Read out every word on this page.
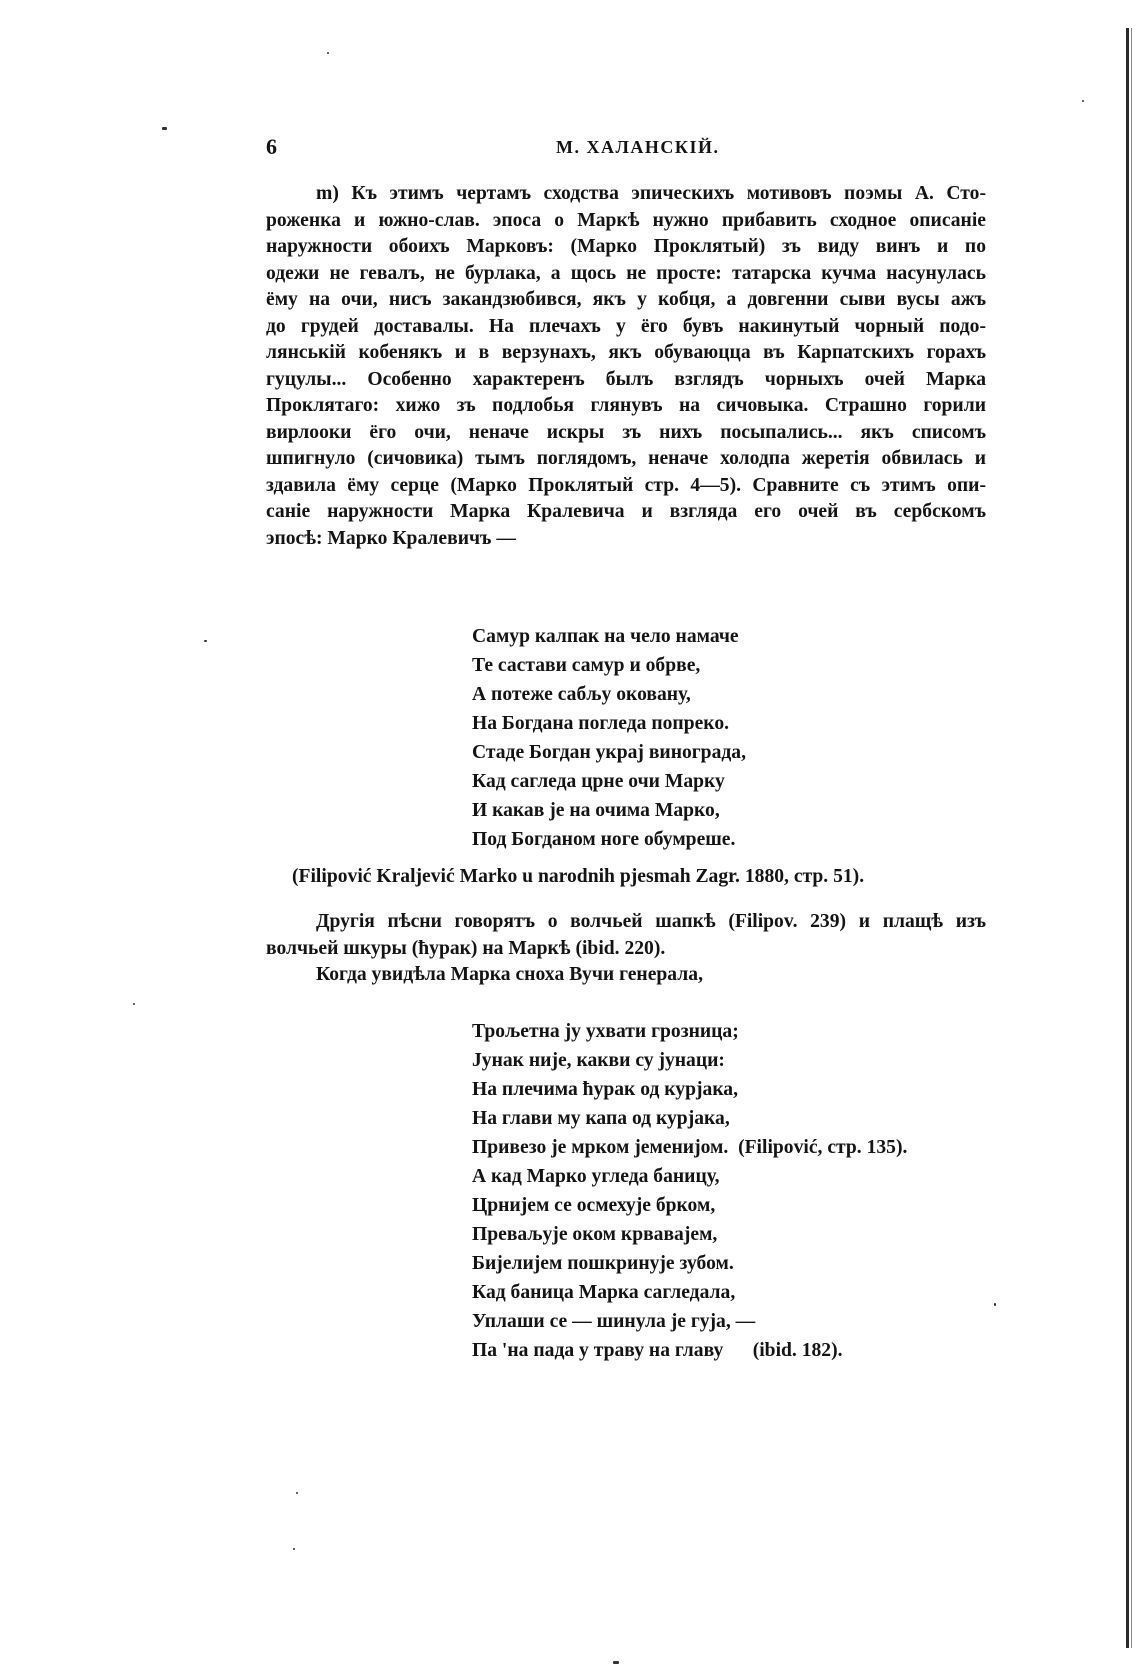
6	М. ХАЛАНСКІЙ.
m) Къ этимъ чертамъ сходства эпическихъ мотивовъ поэмы А. Сто-
роженка и южно-слав. эпоса о Маркѣ нужно прибавить сходное описаніе
наружности обоихъ Марковъ: (Марко Проклятый) зъ виду винъ и по
одежи не гевалъ, не бурлака, а щось не просте: татарска кучма насунулась
ёму на очи, нисъ закандзюбився, якъ у кобця, а довгенни сыви вусы ажъ
до грудей доставалы. На плечахъ у ёго бувъ накинутый чорный подо-
лянській кобенякъ и в верзунахъ, якъ обуваюцца въ Карпатскихъ горахъ
гуцулы... Особенно характеренъ былъ взглядъ чорныхъ очей Марка
Проклятаго: хижо зъ подлобья глянувъ на сичовыка. Страшно горили
вирлооки ёго очи, неначе искры зъ нихъ посыпались... якъ списомъ
шпигнуло (сичовика) тымъ поглядомъ, неначе холодпа жеретія обвилась и
здавила ёму серце (Марко Проклятый стр. 4—5). Сравните съ этимъ опи-
саніе наружности Марка Кралевича и взгляда его очей въ сербскомъ
эпосѣ: Марко Кралевичъ —
Самур калпак на чело намаче
Те састави самур и обрве,
А потеже сабљу оковану,
На Богдана погледа попреко.
Стаде Богдан украј винограда,
Кад сагледа црне очи Марку
И какав је на очима Марко,
Под Богданом ноге обумреше.
(Filipović Kraljević Marko u narodnih pjesmah Zagr. 1880, стр. 51).
Другія пѣсни говорятъ о волчьей шапкѣ (Filipov. 239) и плащѣ изъ
волчьей шкуры (ћурак) на Маркѣ (ibid. 220).
Когда увидѣла Марка снохa Вучи генерала,
Трољетна ју ухвати грозница;
Јунак није, какви су јунаци:
На плечима ћурак од курјака,
На глави му капа од курјака,
Привезо је мрком јеменијом. (Filipović, стр. 135).
А кад Марко угледа баницу,
Црнијем се осмехује брком,
Преваљује оком крвавајем,
Бијелијем пошкринује зубом.
Кад баница Марка сагледала,
Уплаши се — шинула је гуја, —
Па 'на пада у траву на главу (ibid. 182).
